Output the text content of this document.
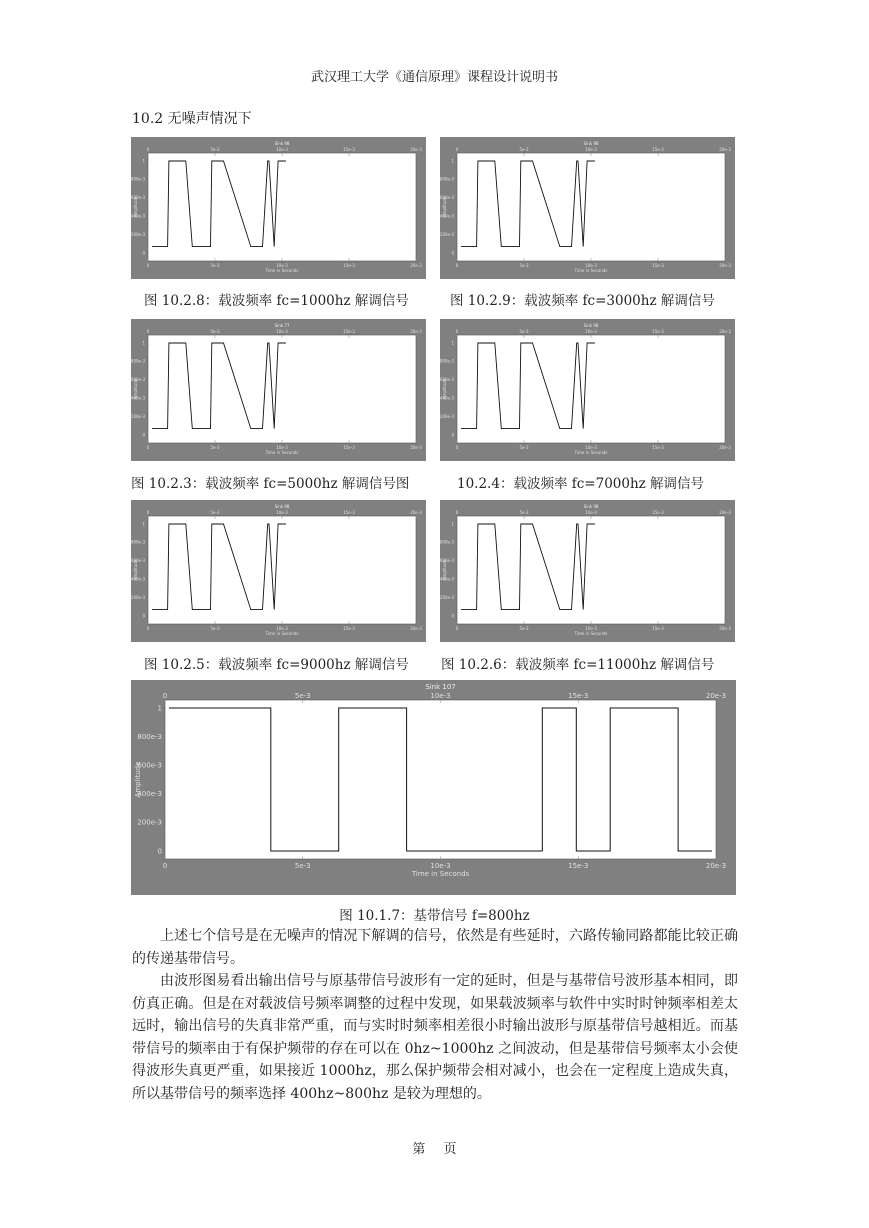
武汉理工大学《通信原理》课程设计说明书
10.2 无噪声情况下
Sink 98
0	5e-3	10e-3	15e-3	20e-3
0	5e-3	10e-3	15e-3	20e-3
0
200e-3
400e-3
600e-3
800e-3
1
Time in Seconds
Amplitude
Sink 98
0	5e-3	10e-3	15e-3	20e-3
0	5e-3	10e-3	15e-3	20e-3
0
200e-3
400e-3
600e-3
800e-3
1
Time in Seconds
Amplitude
Sink 77
0	5e-3	10e-3	15e-3	20e-3
0	5e-3	10e-3	15e-3	20e-3
0
200e-3
400e-3
600e-3
800e-3
1
Time in Seconds
Amplitude
Sink 98
0	5e-3	10e-3	15e-3	20e-3
0	5e-3	10e-3	15e-3	20e-3
0
200e-3
400e-3
600e-3
800e-3
1
Time in Seconds
Amplitude
Sink 98
0	5e-3	10e-3	15e-3	20e-3
0	5e-3	10e-3	15e-3	20e-3
0
200e-3
400e-3
600e-3
800e-3
1
Time in Seconds
Amplitude
Sink 98
0	5e-3	10e-3	15e-3	20e-3
0	5e-3	10e-3	15e-3	20e-3
0
200e-3
400e-3
600e-3
800e-3
1
Time in Seconds
Amplitude
Sink 107
0	5e-3	10e-3	15e-3	20e-3
0	5e-3	10e-3	15e-3	20e-3
0
200e-3
400e-3
600e-3
800e-3
1
Time in Seconds
Amplitude
图 10.2.8：载波频率 fc=1000hz 解调信号	图 10.2.9：载波频率 fc=3000hz 解调信号
图 10.2.3：载波频率 fc=5000hz 解调信号图	10.2.4：载波频率 fc=7000hz 解调信号
图 10.2.5：载波频率 fc=9000hz 解调信号 图 10.2.6：载波频率 fc=11000hz 解调信号
图 10.1.7：基带信号 f=800hz

上述七个信号是在无噪声的情况下解调的信号，依然是有些延时，六路传输同路都能比较正确的传递基带信号。

由波形图易看出输出信号与原基带信号波形有一定的延时，但是与基带信号波形基本相同，即仿真正确。但是在对载波信号频率调整的过程中发现，如果载波频率与软件中实时时钟频率相差太远时，输出信号的失真非常严重，而与实时时频率相差很小时输出波形与原基带信号越相近。而基带信号的频率由于有保护频带的存在可以在 0hz~1000hz 之间波动，但是基带信号频率太小会使得波形失真更严重，如果接近 1000hz，那么保护频带会相对减小，也会在一定程度上造成失真，所以基带信号的频率选择 400hz~800hz 是较为理想的。

第 页
